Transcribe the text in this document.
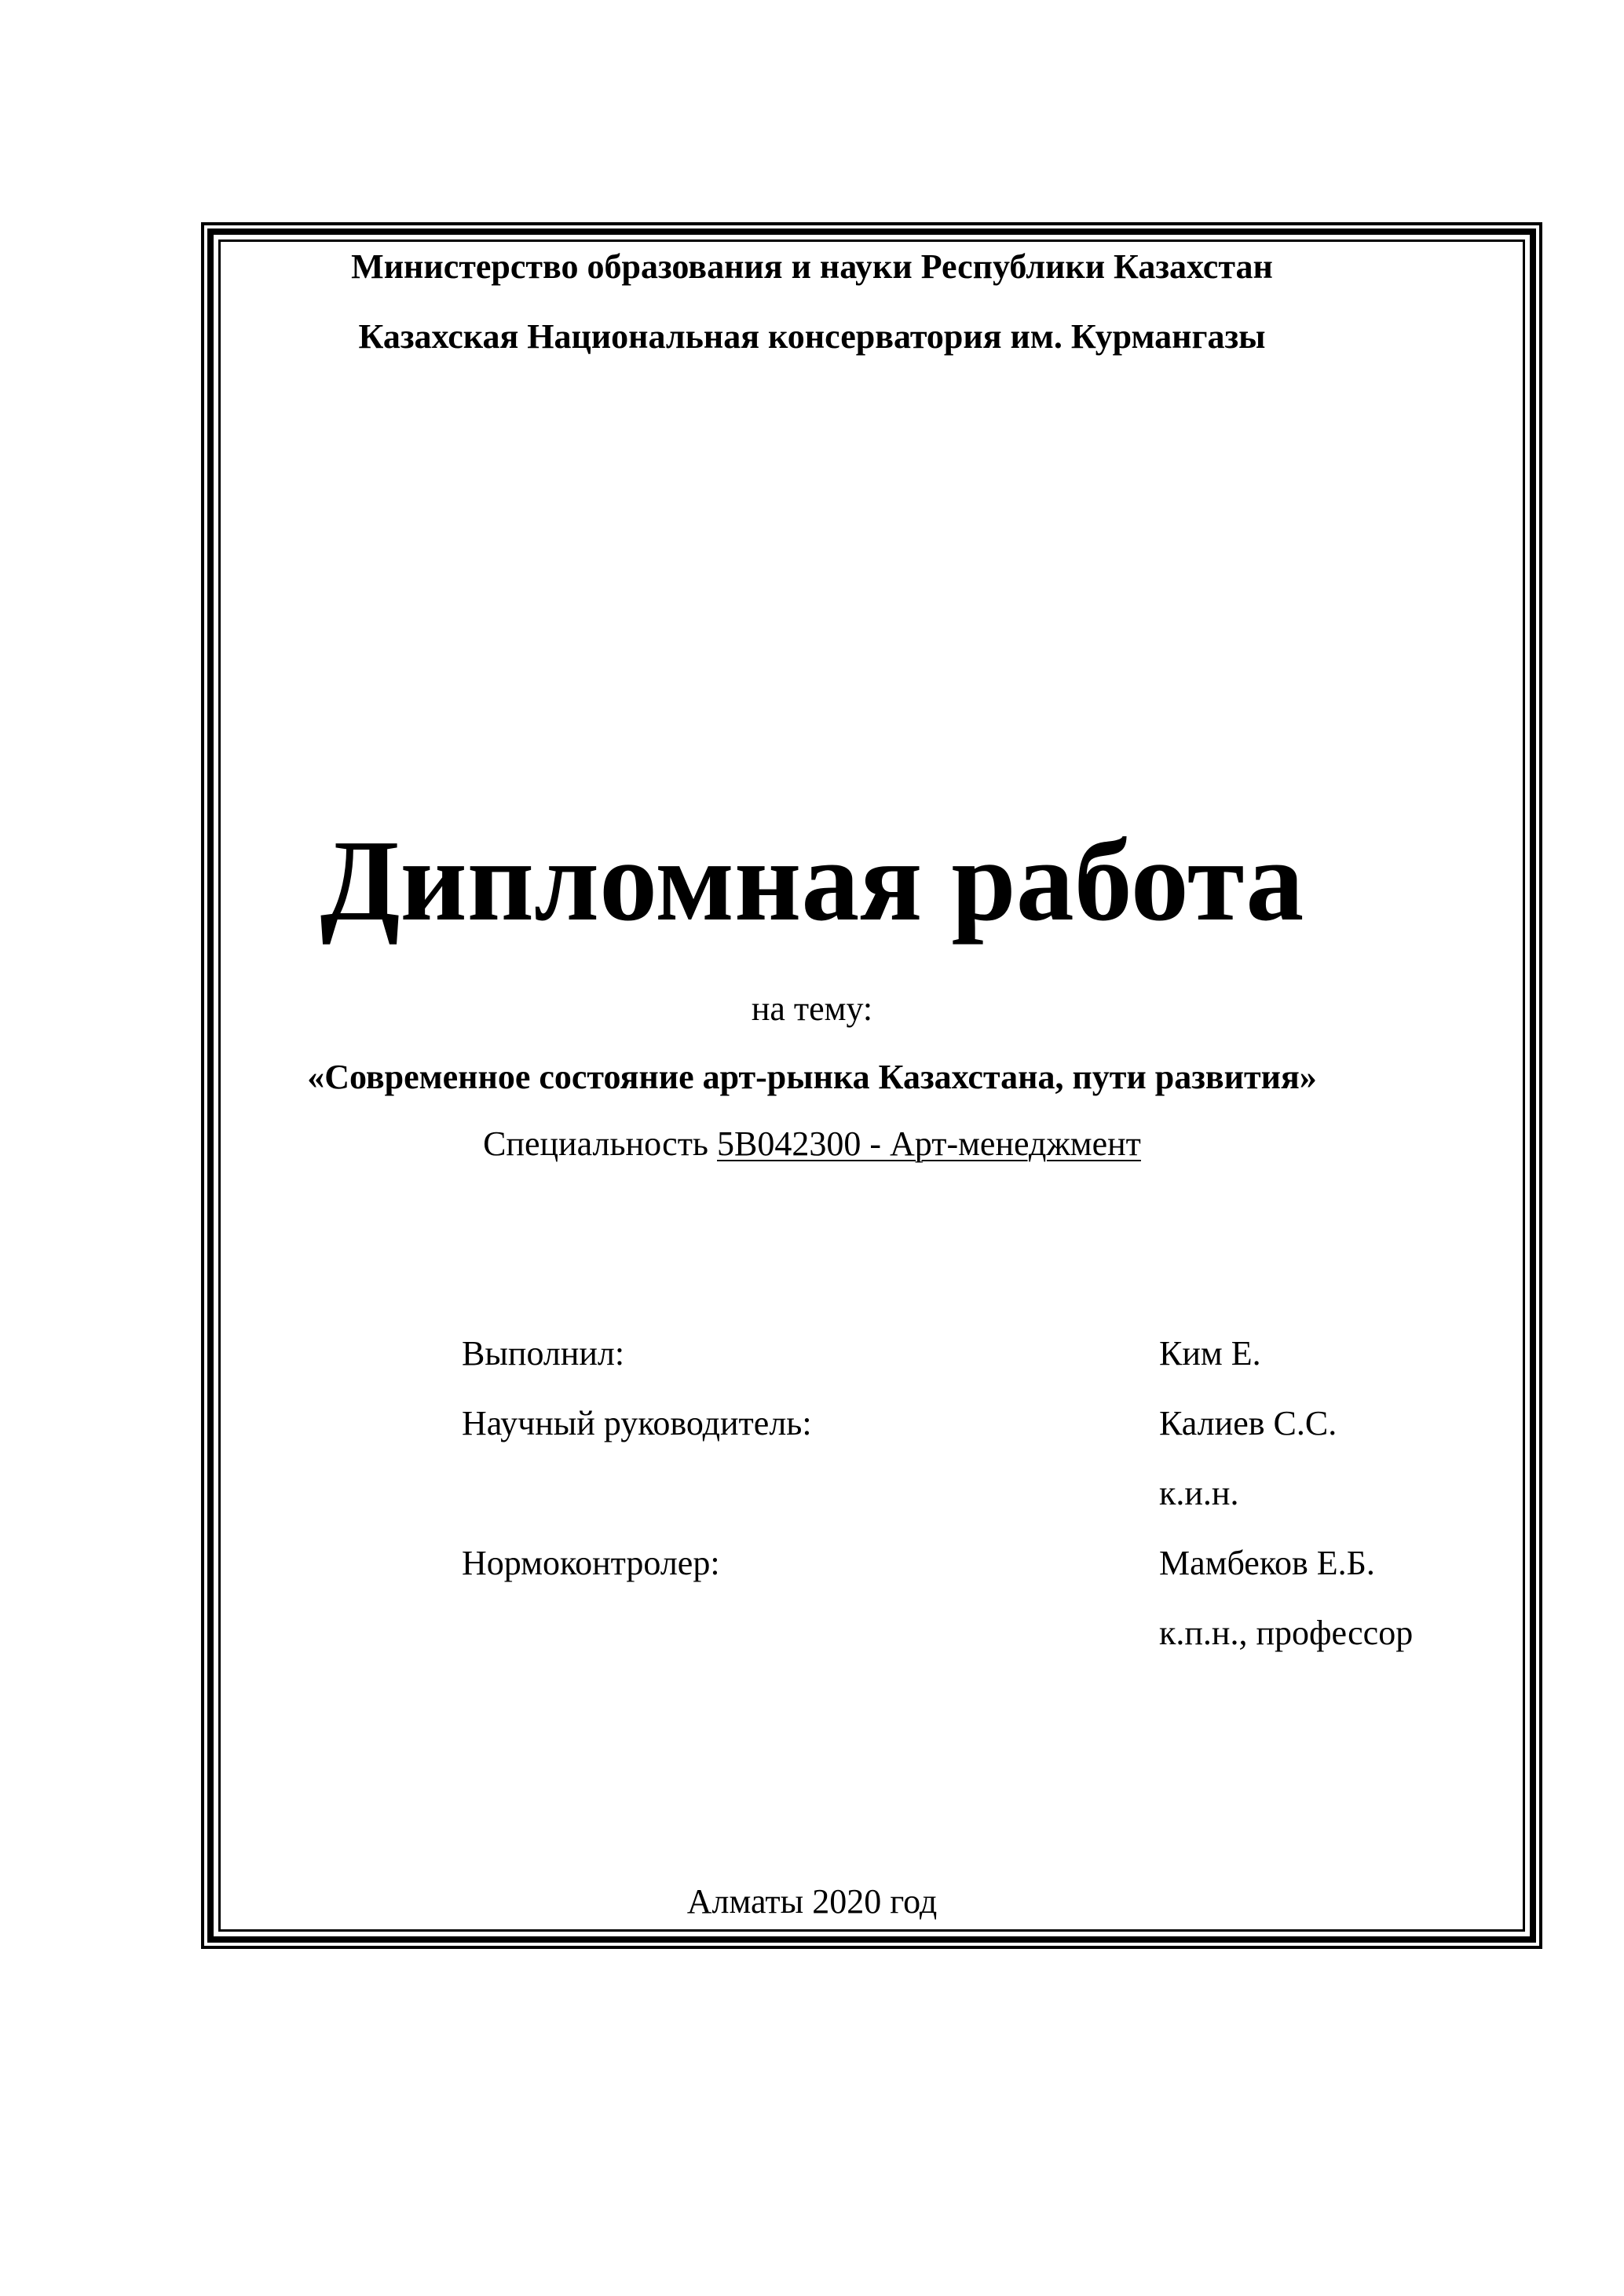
Министерство образования и науки Республики Казахстан
Казахская Национальная консерватория им. Курмангазы
Дипломная работа
на тему:
«Современное состояние арт-рынка Казахстана, пути развития»
Специальность 5В042300 - Арт-менеджмент
Выполнил:	Ким Е.
Научный руководитель:	Калиев С.С.
к.и.н.
Нормоконтролер:	Мамбеков Е.Б.
к.п.н., профессор
Алматы 2020 год
